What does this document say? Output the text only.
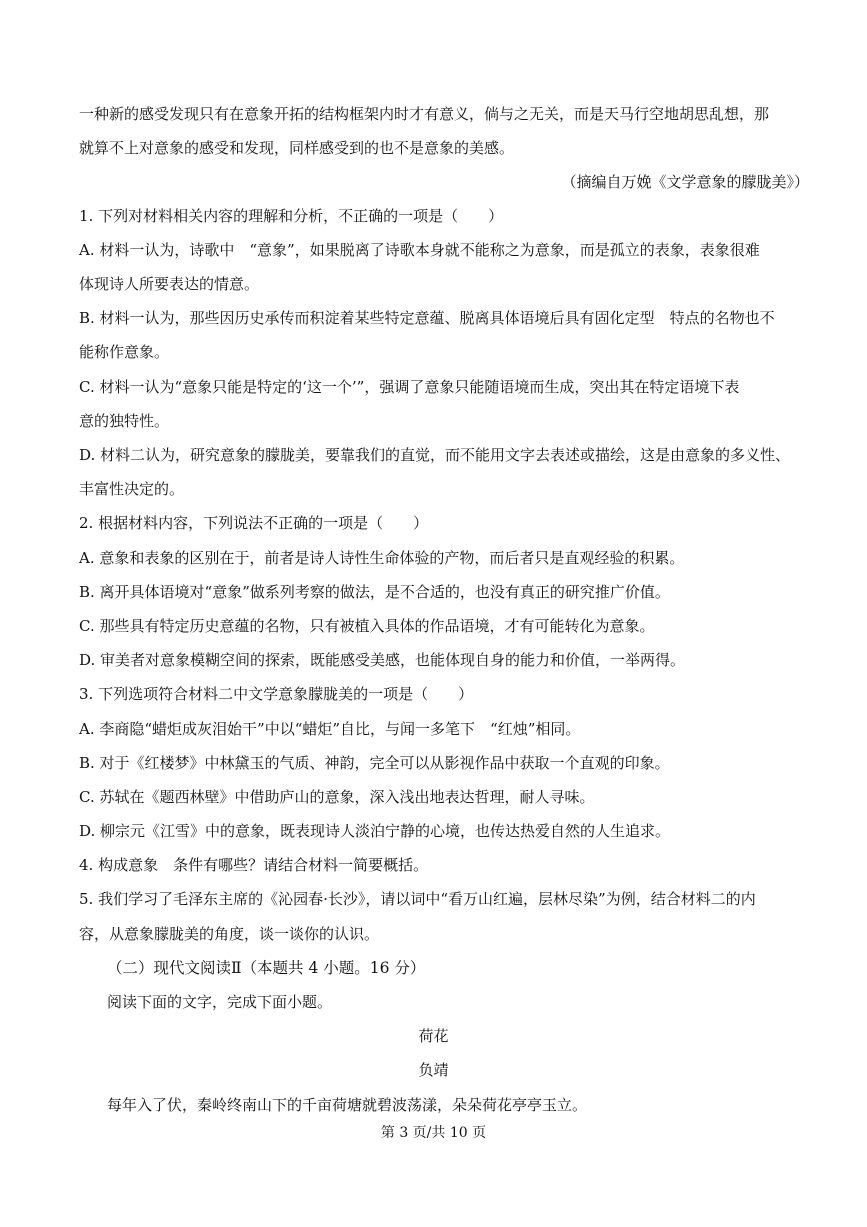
一种新的感受发现只有在意象开拓的结构框架内时才有意义，倘与之无关，而是天马行空地胡思乱想，那
就算不上对意象的感受和发现，同样感受到的也不是意象的美感。
（摘编自万娩《文学意象的朦胧美》）
1. 下列对材料相关内容的理解和分析，不正确的一项是（　　）
A. 材料一认为，诗歌中　“意象”，如果脱离了诗歌本身就不能称之为意象，而是孤立的表象，表象很难
体现诗人所要表达的情意。
B. 材料一认为，那些因历史承传而积淀着某些特定意蕴、脱离具体语境后具有固化定型　特点的名物也不
能称作意象。
C. 材料一认为“意象只能是特定的‘这一个’”，强调了意象只能随语境而生成，突出其在特定语境下表
意的独特性。
D. 材料二认为，研究意象的朦胧美，要靠我们的直觉，而不能用文字去表述或描绘，这是由意象的多义性、
丰富性决定的。
2. 根据材料内容，下列说法不正确的一项是（　　）
A. 意象和表象的区别在于，前者是诗人诗性生命体验的产物，而后者只是直观经验的积累。
B. 离开具体语境对“意象”做系列考察的做法，是不合适的，也没有真正的研究推广价值。
C. 那些具有特定历史意蕴的名物，只有被植入具体的作品语境，才有可能转化为意象。
D. 审美者对意象模糊空间的探索，既能感受美感，也能体现自身的能力和价值，一举两得。
3. 下列选项符合材料二中文学意象朦胧美的一项是（　　）
A. 李商隐“蜡炬成灰泪始干”中以“蜡炬”自比，与闻一多笔下　“红烛”相同。
B. 对于《红楼梦》中林黛玉的气质、神韵，完全可以从影视作品中获取一个直观的印象。
C. 苏轼在《题西林壁》中借助庐山的意象，深入浅出地表达哲理，耐人寻味。
D. 柳宗元《江雪》中的意象，既表现诗人淡泊宁静的心境，也传达热爱自然的人生追求。
4. 构成意象　条件有哪些？请结合材料一简要概括。
5. 我们学习了毛泽东主席的《沁园春·长沙》，请以词中“看万山红遍，层林尽染”为例，结合材料二的内
容，从意象朦胧美的角度，谈一谈你的认识。
（二）现代文阅读Ⅱ（本题共 4 小题。16 分）
阅读下面的文字，完成下面小题。
荷花
负靖
每年入了伏，秦岭终南山下的千亩荷塘就碧波荡漾，朵朵荷花亭亭玉立。
第 3 页/共 10 页
